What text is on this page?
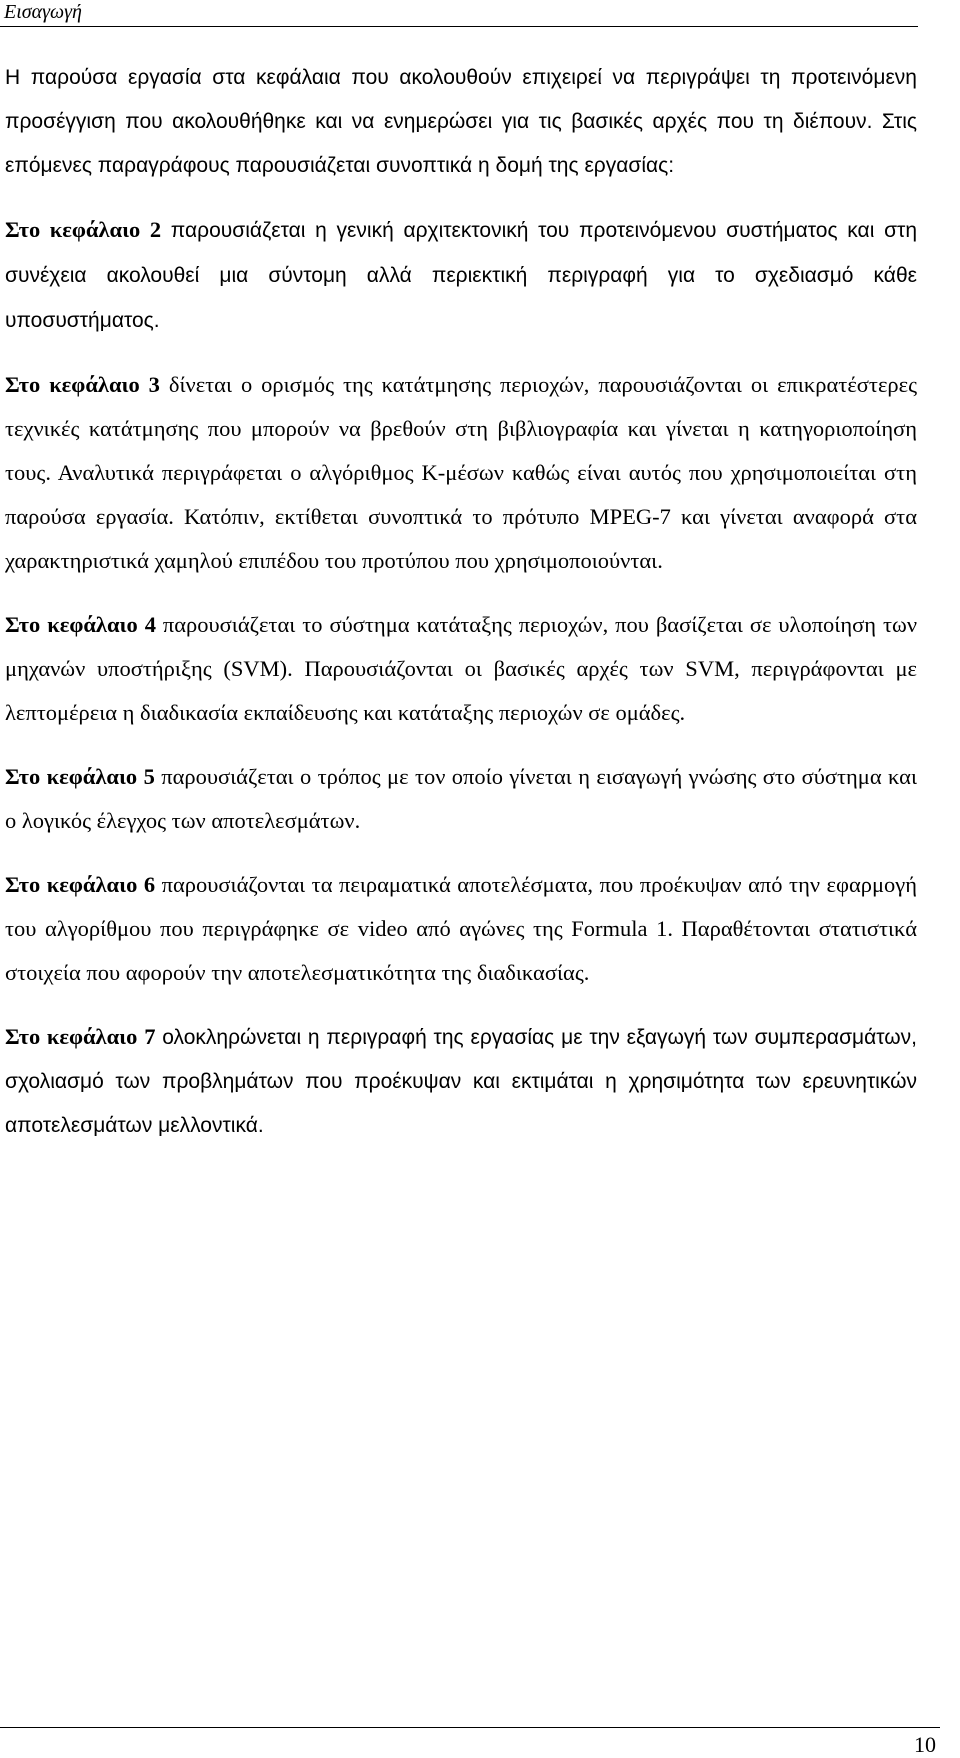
Εισαγωγή

Η παρούσα εργασία στα κεφάλαια που ακολουθούν επιχειρεί να περιγράψει τη προτεινόμενη προσέγγιση που ακολουθήθηκε και να ενημερώσει για τις βασικές αρχές που τη διέπουν. Στις επόμενες παραγράφους παρουσιάζεται συνοπτικά η δομή της εργασίας:

Στο κεφάλαιο 2 παρουσιάζεται η γενική αρχιτεκτονική του προτεινόμενου συστήματος και στη συνέχεια ακολουθεί μια σύντομη αλλά περιεκτική περιγραφή για το σχεδιασμό κάθε υποσυστήματος.

Στο κεφάλαιο 3 δίνεται ο ορισμός της κατάτμησης περιοχών, παρουσιάζονται οι επικρατέστερες τεχνικές κατάτμησης που μπορούν να βρεθούν στη βιβλιογραφία και γίνεται η κατηγοριοποίηση τους. Αναλυτικά περιγράφεται ο αλγόριθμος K-μέσων καθώς είναι αυτός που χρησιμοποιείται στη παρούσα εργασία. Κατόπιν, εκτίθεται συνοπτικά το πρότυπο MPEG-7 και γίνεται αναφορά στα χαρακτηριστικά χαμηλού επιπέδου του προτύπου που χρησιμοποιούνται.

Στο κεφάλαιο 4 παρουσιάζεται το σύστημα κατάταξης περιοχών, που βασίζεται σε υλοποίηση των μηχανών υποστήριξης (SVM). Παρουσιάζονται οι βασικές αρχές των SVM, περιγράφονται με λεπτομέρεια η διαδικασία εκπαίδευσης και κατάταξης περιοχών σε ομάδες.

Στο κεφάλαιο 5 παρουσιάζεται ο τρόπος με τον οποίο γίνεται η εισαγωγή γνώσης στο σύστημα και ο λογικός έλεγχος των αποτελεσμάτων.

Στο κεφάλαιο 6 παρουσιάζονται τα πειραματικά αποτελέσματα, που προέκυψαν από την εφαρμογή του αλγορίθμου που περιγράφηκε σε video από αγώνες της Formula 1. Παραθέτονται στατιστικά στοιχεία που αφορούν την αποτελεσματικότητα της διαδικασίας.

Στο κεφάλαιο 7 ολοκληρώνεται η περιγραφή της εργασίας με την εξαγωγή των συμπερασμάτων, σχολιασμό των προβλημάτων που προέκυψαν και εκτιμάται η χρησιμότητα των ερευνητικών αποτελεσμάτων μελλοντικά.

10
